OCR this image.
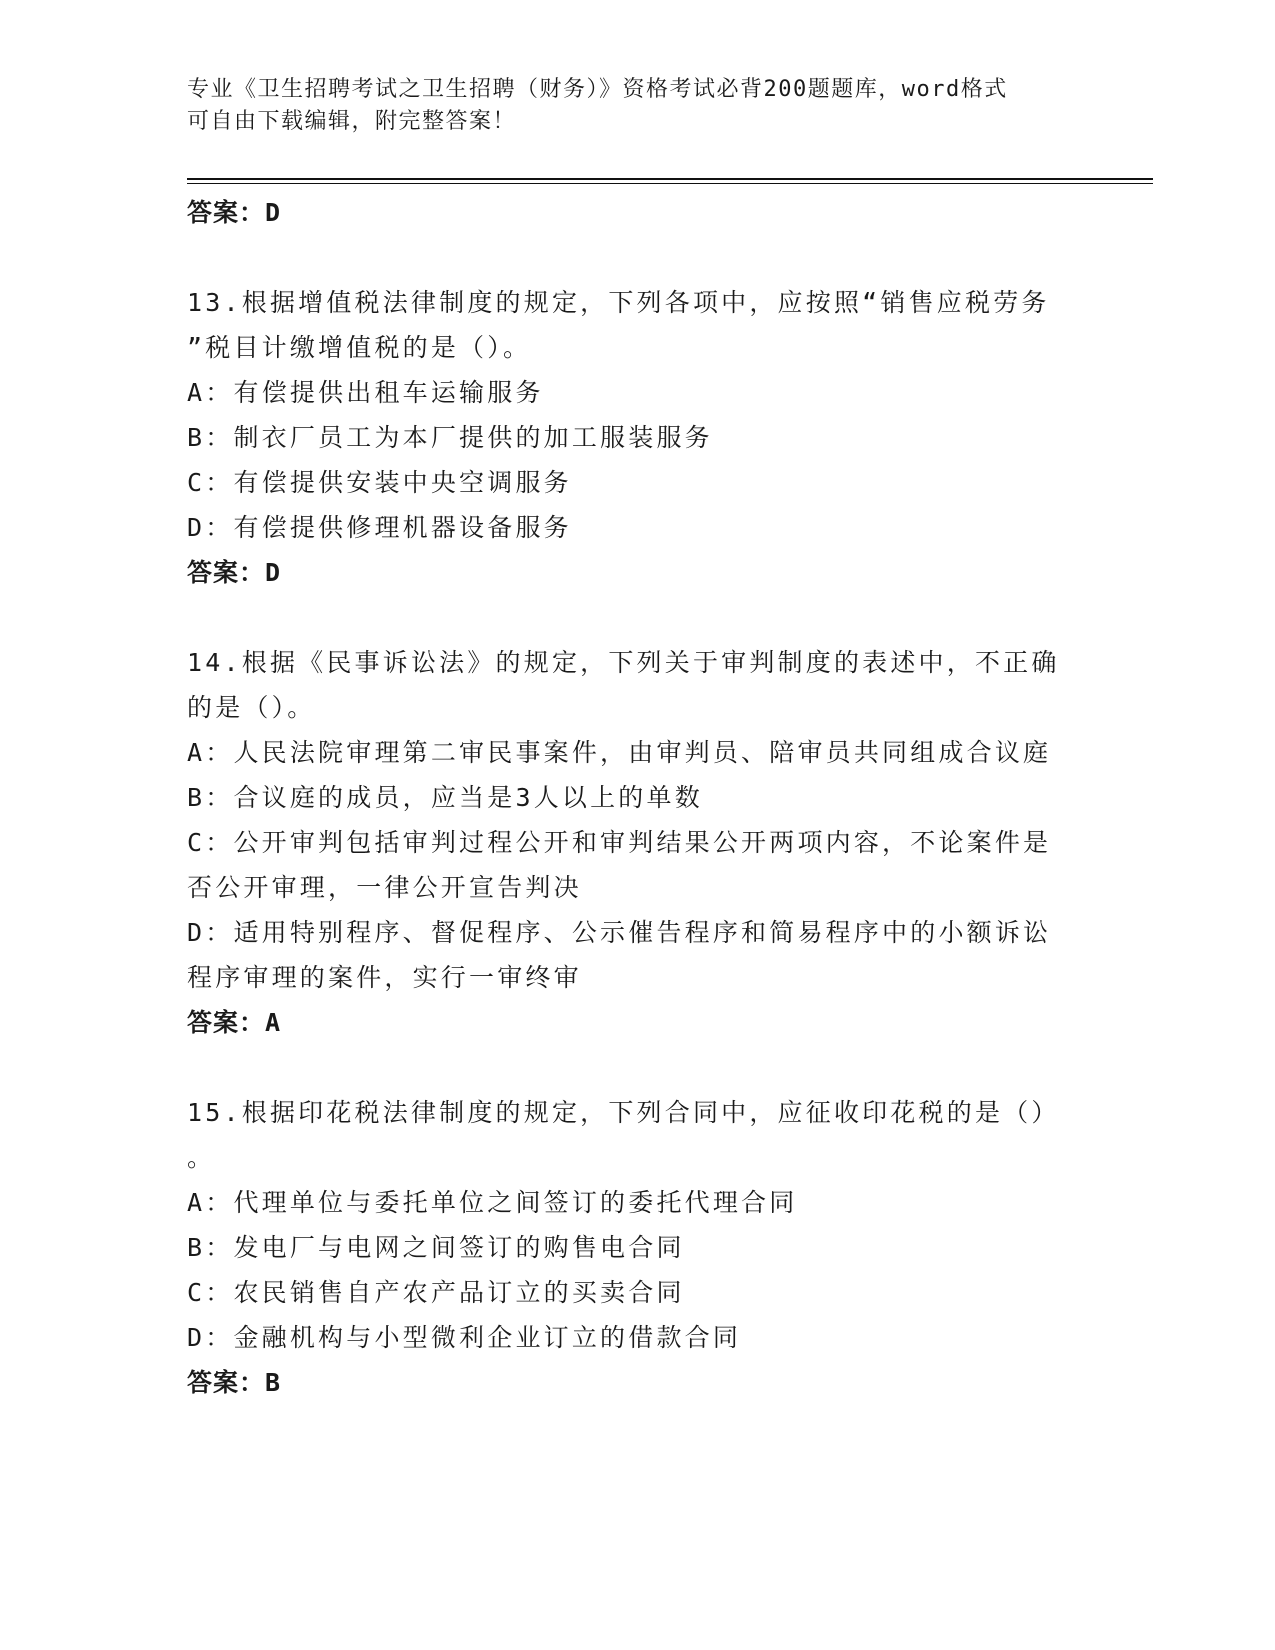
专业《卫生招聘考试之卫生招聘（财务）》资格考试必背200题题库，word格式
可自由下载编辑，附完整答案！

答案：D

13.根据增值税法律制度的规定，下列各项中，应按照“销售应税劳务
”税目计缴增值税的是（）。

A：有偿提供出租车运输服务

B：制衣厂员工为本厂提供的加工服装服务

C：有偿提供安装中央空调服务

D：有偿提供修理机器设备服务

答案：D

14.根据《民事诉讼法》的规定，下列关于审判制度的表述中，不正确
的是（）。

A：人民法院审理第二审民事案件，由审判员、陪审员共同组成合议庭

B：合议庭的成员，应当是3人以上的单数

C：公开审判包括审判过程公开和审判结果公开两项内容，不论案件是
否公开审理，一律公开宣告判决

D：适用特别程序、督促程序、公示催告程序和简易程序中的小额诉讼
程序审理的案件，实行一审终审

答案：A

15.根据印花税法律制度的规定，下列合同中，应征收印花税的是（）
。

A：代理单位与委托单位之间签订的委托代理合同

B：发电厂与电网之间签订的购售电合同

C：农民销售自产农产品订立的买卖合同

D：金融机构与小型微利企业订立的借款合同

答案：B
